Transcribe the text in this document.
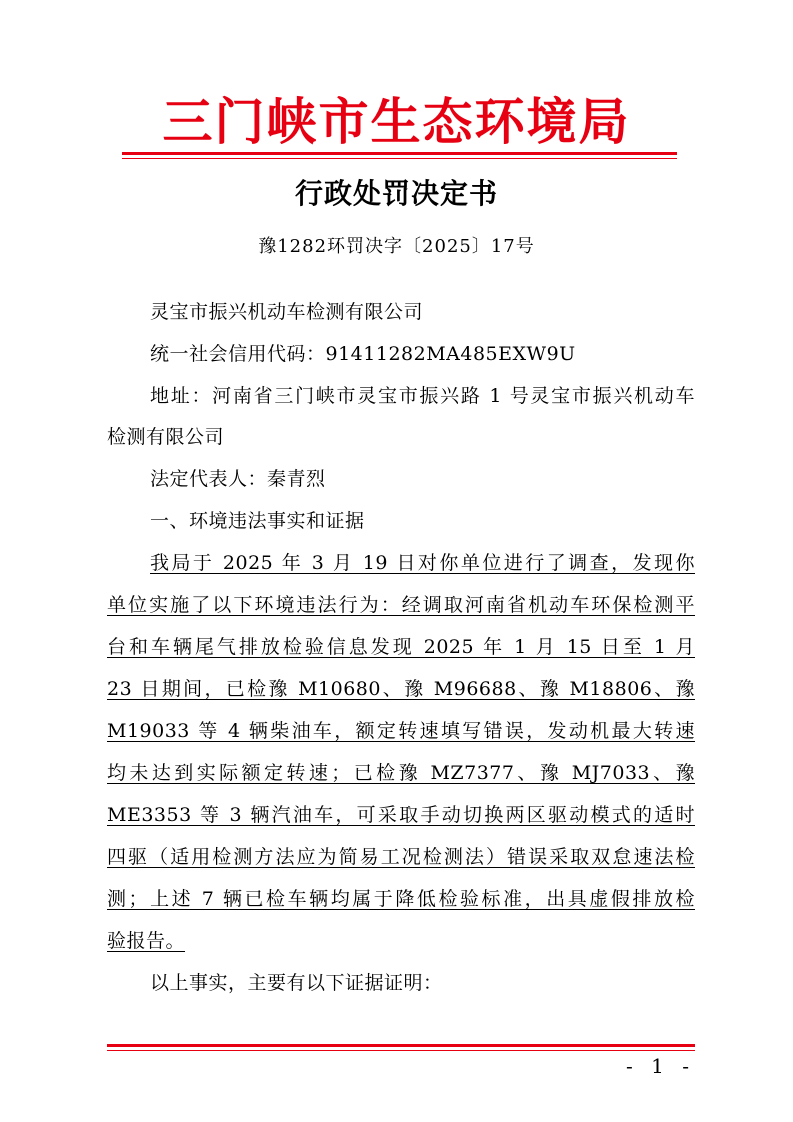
三门峡市生态环境局
行政处罚决定书
豫1282环罚决字〔2025〕17号
灵宝市振兴机动车检测有限公司
统一社会信用代码：91411282MA485EXW9U
地址：河南省三门峡市灵宝市振兴路 1 号灵宝市振兴机动车
检测有限公司
法定代表人：秦青烈
一、环境违法事实和证据
我局于 2025 年 3 月 19 日对你单位进行了调查，发现你
单位实施了以下环境违法行为：经调取河南省机动车环保检测平
台和车辆尾气排放检验信息发现 2025 年 1 月 15 日至 1 月
23 日期间，已检豫 M10680、豫 M96688、豫 M18806、豫
M19033 等 4 辆柴油车，额定转速填写错误，发动机最大转速
均未达到实际额定转速；已检豫 MZ7377、豫 MJ7033、豫
ME3353 等 3 辆汽油车，可采取手动切换两区驱动模式的适时
四驱（适用检测方法应为简易工况检测法）错误采取双怠速法检
测；上述 7 辆已检车辆均属于降低检验标准，出具虚假排放检
验报告。
以上事实，主要有以下证据证明：
- 1 -
